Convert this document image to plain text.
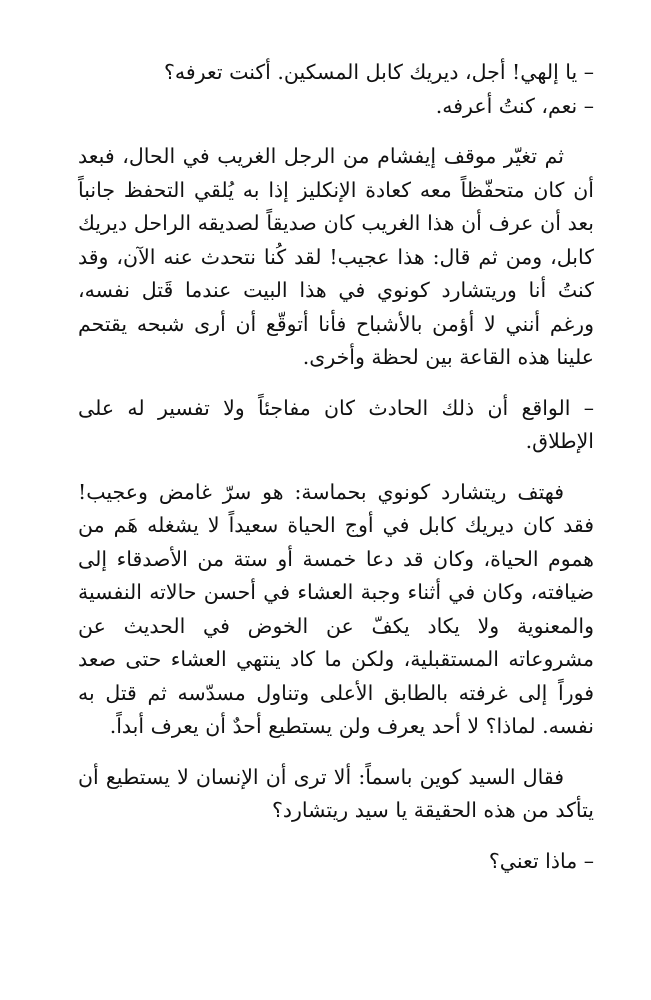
– يا إلهي! أجل، ديريك كابل المسكين. أكنت تعرفه؟

– نعم، كنتُ أعرفه.

ثم تغيّر موقف إيفشام من الرجل الغريب في الحال، فبعد أن كان متحفّظاً معه كعادة الإنكليز إذا به يُلقي التحفظ جانباً بعد أن عرف أن هذا الغريب كان صديقاً لصديقه الراحل ديريك كابل، ومن ثم قال: هذا عجيب! لقد كُنا نتحدث عنه الآن، وقد كنتُ أنا وريتشارد كونوي في هذا البيت عندما قَتل نفسه، ورغم أنني لا أؤمن بالأشباح فأنا أتوقّع أن أرى شبحه يقتحم علينا هذه القاعة بين لحظة وأخرى.

– الواقع أن ذلك الحادث كان مفاجئاً ولا تفسير له على الإطلاق.

فهتف ريتشارد كونوي بحماسة: هو سرّ غامض وعجيب! فقد كان ديريك كابل في أوج الحياة سعيداً لا يشغله هَم من هموم الحياة، وكان قد دعا خمسة أو ستة من الأصدقاء إلى ضيافته، وكان في أثناء وجبة العشاء في أحسن حالاته النفسية والمعنوية ولا يكاد يكفّ عن الخوض في الحديث عن مشروعاته المستقبلية، ولكن ما كاد ينتهي العشاء حتى صعد فوراً إلى غرفته بالطابق الأعلى وتناول مسدّسه ثم قتل به نفسه. لماذا؟ لا أحد يعرف ولن يستطيع أحدٌ أن يعرف أبداً.

فقال السيد كوين باسماً: ألا ترى أن الإنسان لا يستطيع أن يتأكد من هذه الحقيقة يا سيد ريتشارد؟

– ماذا تعني؟
